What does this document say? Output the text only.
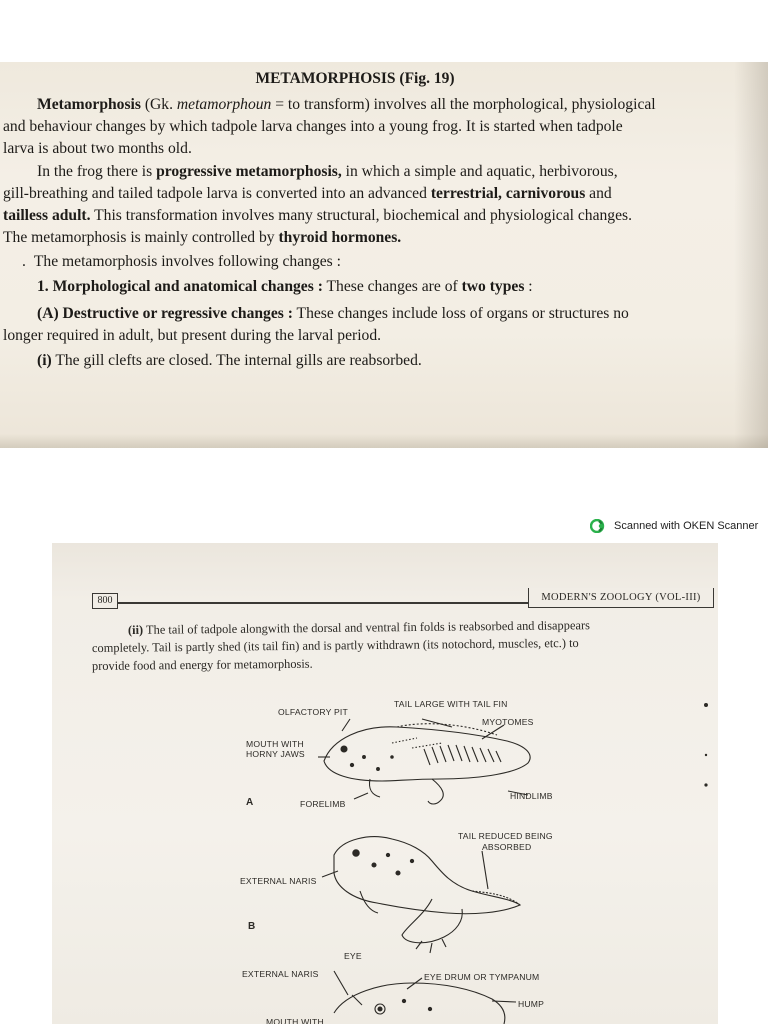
METAMORPHOSIS (Fig. 19)
Metamorphosis (Gk. metamorphoun = to transform) involves all the morphological, physiological
and behaviour changes by which tadpole larva changes into a young frog. It is started when tadpole
larva is about two months old.
In the frog there is progressive metamorphosis, in which a simple and aquatic, herbivorous,
gill-breathing and tailed tadpole larva is converted into an advanced terrestrial, carnivorous and
tailless adult. This transformation involves many structural, biochemical and physiological changes.
The metamorphosis is mainly controlled by thyroid hormones.
. The metamorphosis involves following changes :
1. Morphological and anatomical changes : These changes are of two types :
(A) Destructive or regressive changes : These changes include loss of organs or structures no
longer required in adult, but present during the larval period.
(i) The gill clefts are closed. The internal gills are reabsorbed.
Scanned with OKEN Scanner
800	MODERN'S ZOOLOGY (VOL-III)
(ii) The tail of tadpole alongwith the dorsal and ventral fin folds is reabsorbed and disappears
completely. Tail is partly shed (its tail fin) and is partly withdrawn (its notochord, muscles, etc.) to
provide food and energy for metamorphosis.
OLFACTORY PIT
TAIL LARGE WITH TAIL FIN
MYOTOMES
MOUTH WITH
HORNY JAWS
A	FORELIMB
HINDLIMB
TAIL REDUCED BEING
ABSORBED
EXTERNAL NARIS
B
EYE
EXTERNAL NARIS	EYE DRUM OR TYMPANUM
HUMP
MOUTH WITH
